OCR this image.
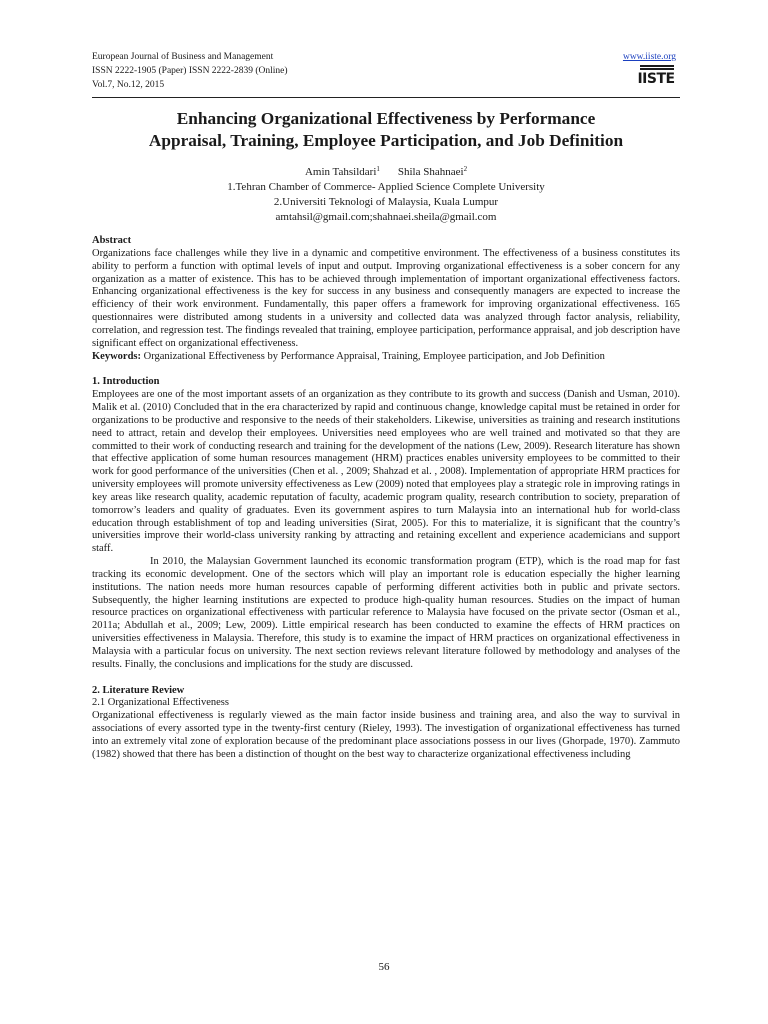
European Journal of Business and Management
ISSN 2222-1905 (Paper) ISSN 2222-2839 (Online)
Vol.7, No.12, 2015
www.iiste.org
IISTE
Enhancing Organizational Effectiveness by Performance
Appraisal, Training, Employee Participation, and Job Definition
Amin Tahsildari$^1$ Shila Shahnaei$^2$
1.Tehran Chamber of Commerce- Applied Science Complete University
2.Universiti Teknologi of Malaysia, Kuala Lumpur
amtahsil@gmail.com;shahnaei.sheila@gmail.com

Abstract

Organizations face challenges while they live in a dynamic and competitive environment. The effectiveness of a business constitutes its ability to perform a function with optimal levels of input and output. Improving organizational effectiveness is a sober concern for any organization as a matter of existence. This has to be achieved through implementation of important organizational effectiveness factors. Enhancing organizational effectiveness is the key for success in any business and consequently managers are expected to increase the efficiency of their work environment. Fundamentally, this paper offers a framework for improving organizational effectiveness. 165 questionnaires were distributed among students in a university and collected data was analyzed through factor analysis, reliability, correlation, and regression test. The findings revealed that training, employee participation, performance appraisal, and job description have significant effect on organizational effectiveness.

Keywords: Organizational Effectiveness by Performance Appraisal, Training, Employee participation, and Job Definition

1. Introduction

Employees are one of the most important assets of an organization as they contribute to its growth and success (Danish and Usman, 2010). Malik et al. (2010) Concluded that in the era characterized by rapid and continuous change, knowledge capital must be retained in order for organizations to be productive and responsive to the needs of their stakeholders. Likewise, universities as training and research institutions need to attract, retain and develop their employees. Universities need employees who are well trained and motivated so that they are committed to their work of conducting research and training for the development of the nations (Lew, 2009). Research literature has shown that effective application of some human resources management (HRM) practices enables university employees to be committed to their work for good performance of the universities (Chen et al. , 2009; Shahzad et al. , 2008). Implementation of appropriate HRM practices for university employees will promote university effectiveness as Lew (2009) noted that employees play a strategic role in improving ratings in key areas like research quality, academic reputation of faculty, academic program quality, research contribution to society, preparation of tomorrow’s leaders and quality of graduates. Even its government aspires to turn Malaysia into an international hub for world-class education through establishment of top and leading universities (Sirat, 2005). For this to materialize, it is significant that the country’s universities improve their world-class university ranking by attracting and retaining excellent and experience academicians and support staff.

In 2010, the Malaysian Government launched its economic transformation program (ETP), which is the road map for fast tracking its economic development. One of the sectors which will play an important role is education especially the higher learning institutions. The nation needs more human resources capable of performing different activities both in public and private sectors. Subsequently, the higher learning institutions are expected to produce high-quality human resources. Studies on the impact of human resource practices on organizational effectiveness with particular reference to Malaysia have focused on the private sector (Osman et al., 2011a; Abdullah et al., 2009; Lew, 2009). Little empirical research has been conducted to examine the effects of HRM practices on universities effectiveness in Malaysia. Therefore, this study is to examine the impact of HRM practices on organizational effectiveness in Malaysia with a particular focus on university. The next section reviews relevant literature followed by methodology and analyses of the results. Finally, the conclusions and implications for the study are discussed.

2. Literature Review

2.1 Organizational Effectiveness

Organizational effectiveness is regularly viewed as the main factor inside business and training area, and also the way to survival in associations of every assorted type in the twenty-first century (Rieley, 1993). The investigation of organizational effectiveness has turned into an extremely vital zone of exploration because of the predominant place associations possess in our lives (Ghorpade, 1970). Zammuto (1982) showed that there has been a distinction of thought on the best way to characterize organizational effectiveness including

56
